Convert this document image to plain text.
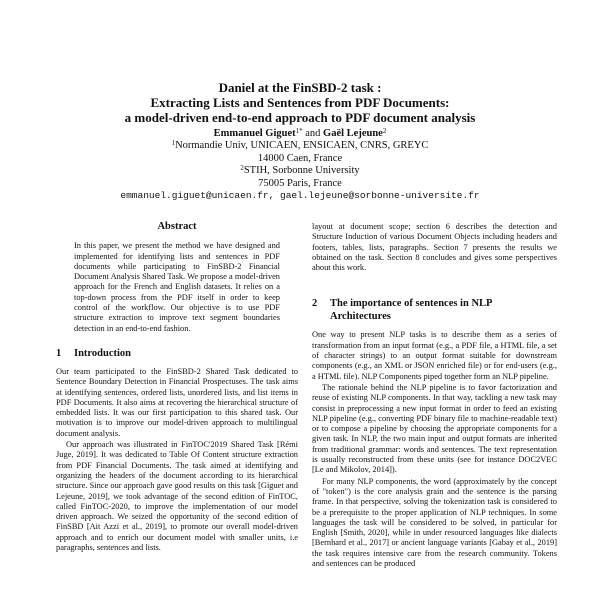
Daniel at the FinSBD-2 task :
Extracting Lists and Sentences from PDF Documents:
a model-driven end-to-end approach to PDF document analysis
Emmanuel Giguet$^{1*}$ and Gaël Lejeune$^2$
$^1$Normandie Univ, UNICAEN, ENSICAEN, CNRS, GREYC
14000 Caen, France
$^2$STIH, Sorbonne University
75005 Paris, France
emmanuel.giguet@unicaen.fr, gael.lejeune@sorbonne-universite.fr
Abstract
In this paper, we present the method we have designed and implemented for identifying lists and sentences in PDF documents while participating to FinSBD-2 Financial Document Analysis Shared Task. We propose a model-driven approach for the French and English datasets. It relies on a top-down process from the PDF itself in order to keep control of the workflow. Our objective is to use PDF structure extraction to improve text segment boundaries detection in an end-to-end fashion.
1	Introduction

Our team participated to the FinSBD-2 Shared Task dedicated to Sentence Boundary Detection in Financial Prospectuses. The task aims at identifying sentences, ordered lists, unordered lists, and list items in PDF Documents. It also aims at recovering the hierarchical structure of embedded lists. It was our first participation to this shared task. Our motivation is to improve our model-driven approach to multilingual document analysis.

Our approach was illustrated in FinTOC'2019 Shared Task [Rémi Juge, 2019]. It was dedicated to Table Of Content structure extraction from PDF Financial Documents. The task aimed at identifying and organizing the headers of the document according to its hierarchical structure. Since our approach gave good results on this task [Giguet and Lejeune, 2019], we took advantage of the second edition of FinTOC, called FinTOC-2020, to improve the implementation of our model driven approach. We seized the opportunity of the second edition of FinSBD [Ait Azzi et al., 2019], to promote our overall model-driven approach and to enrich our document model with smaller units, i.e paragraphs, sentences and lists.

layout at document scope; section 6 describes the detection and Structure Induction of various Document Objects including headers and footers, tables, lists, paragraphs. Section 7 presents the results we obtained on the task. Section 8 concludes and gives some perspectives about this work.

2	The importance of sentences in NLP
Architectures

One way to present NLP tasks is to describe them as a series of transformation from an input format (e.g., a PDF file, a HTML file, a set of character strings) to an output format suitable for downstream components (e.g., an XML or JSON enriched file) or for end-users (e.g., a HTML file). NLP Components piped together form an NLP pipeline.

The rationale behind the NLP pipeline is to favor factorization and reuse of existing NLP components. In that way, tackling a new task may consist in preprocessing a new input format in order to feed an existing NLP pipeline (e.g., converting PDF binary file to machine-readable text) or to compose a pipeline by choosing the appropriate components for a given task. In NLP, the two main input and output formats are inherited from traditional grammar: words and sentences. The text representation is usually reconstructed from these units (see for instance DOC2VEC [Le and Mikolov, 2014]).

For many NLP components, the word (approximately by the concept of "token") is the core analysis grain and the sentence is the parsing frame. In that perspective, solving the tokenization task is considered to be a prerequisite to the proper application of NLP techniques. In some languages the task will be considered to be solved, in particular for English [Smith, 2020], while in under resourced languages like dialects [Bernhard et al., 2017] or ancient language variants [Gabay et al., 2019] the task requires intensive care from the research community. Tokens and sentences can be produced
